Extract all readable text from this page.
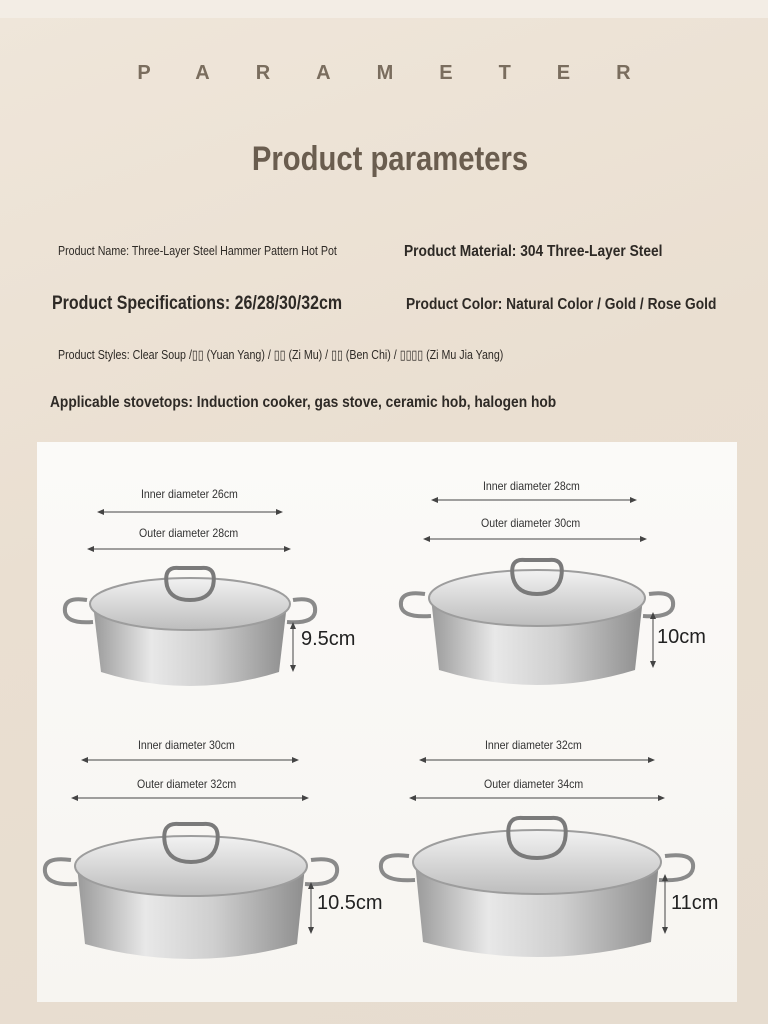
PARAMETER
Product parameters
Product Name: Three-Layer Steel Hammer Pattern Hot Pot	Product Material: 304 Three-Layer Steel
Product Specifications: 26/28/30/32cm	Product Color: Natural Color / Gold / Rose Gold
Product Styles: Clear Soup /▯▯ (Yuan Yang) / ▯▯ (Zi Mu) / ▯▯ (Ben Chi) / ▯▯▯▯ (Zi Mu Jia Yang)
Applicable stovetops: Induction cooker, gas stove, ceramic hob, halogen hob
Inner diameter 26cm
Outer diameter 28cm
9.5cm
Inner diameter 28cm
Outer diameter 30cm
10cm
Inner diameter 30cm
Outer diameter 32cm
10.5cm
Inner diameter 32cm
Outer diameter 34cm
11cm
